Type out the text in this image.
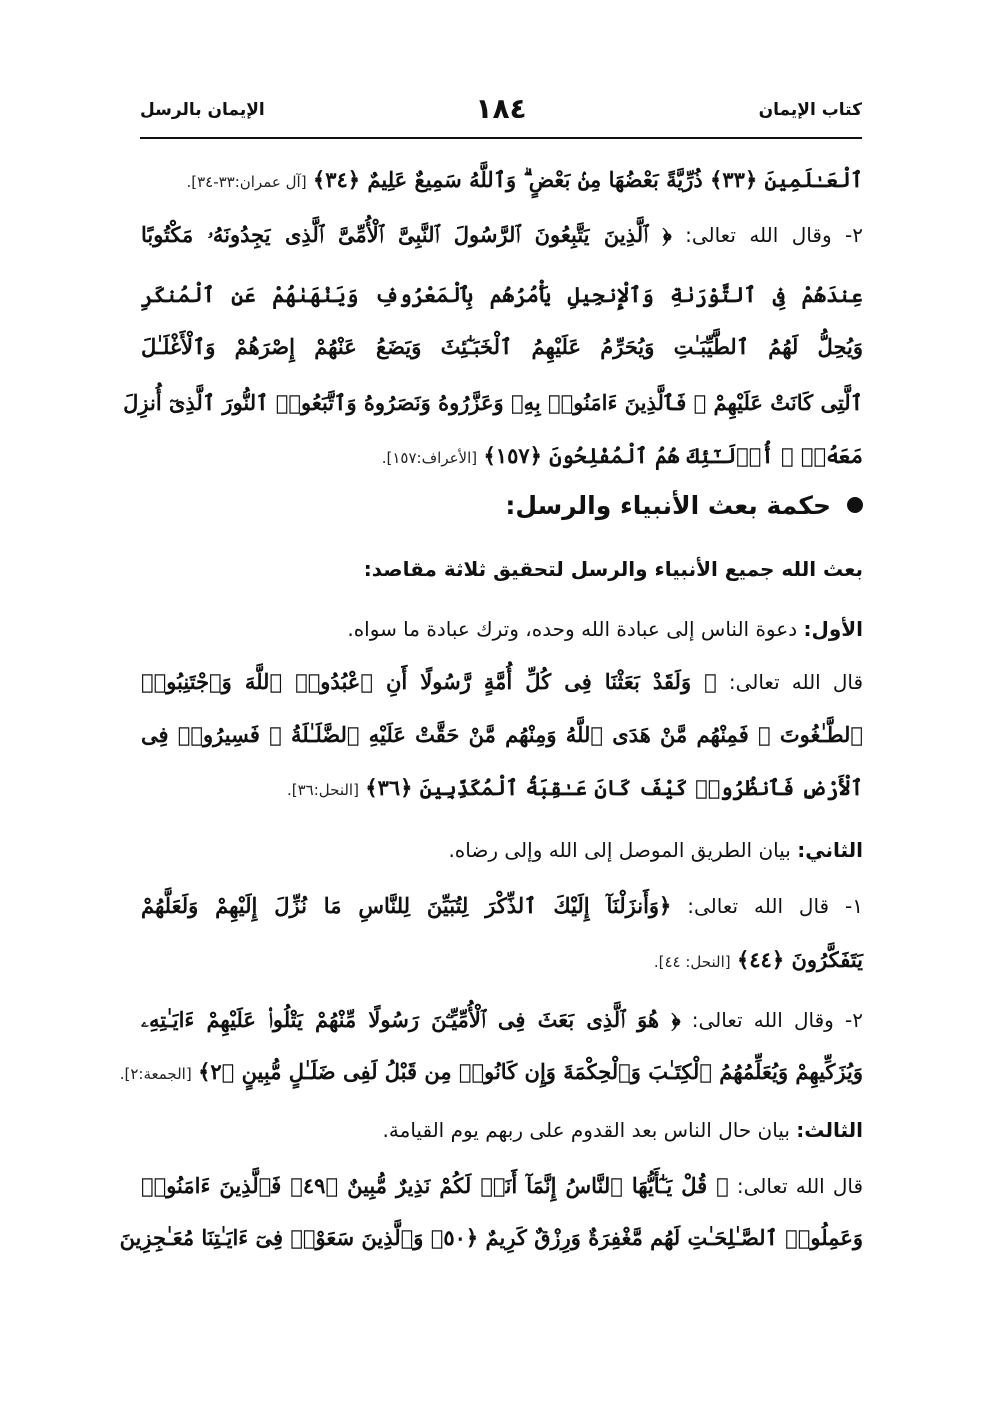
كتاب الإيمان
١٨٤
الإيمان بالرسل
ٱلْعَـٰلَمِينَ ﴿٣٣﴾ ذُرِّيَّةً بَعْضُهَا مِنۢ بَعْضٍ ۗ وَٱللَّهُ سَمِيعٌ عَلِيمٌ ﴿٣٤﴾ [آل عمران:٣٣-٣٤].
٢- وقال الله تعالى: ﴿ ٱلَّذِينَ يَتَّبِعُونَ ٱلرَّسُولَ ٱلنَّبِىَّ ٱلْأُمِّىَّ ٱلَّذِى يَجِدُونَهُۥ مَكْتُوبًا
عِندَهُمْ فِى ٱلتَّوْرَىٰةِ وَٱلْإِنجِيلِ يَأْمُرُهُم بِٱلْمَعْرُوفِ وَيَنْهَىٰهُمْ عَنِ ٱلْمُنكَرِ
وَيُحِلُّ لَهُمُ ٱلطَّيِّبَـٰتِ وَيُحَرِّمُ عَلَيْهِمُ ٱلْخَبَـٰٓئِثَ وَيَضَعُ عَنْهُمْ إِصْرَهُمْ وَٱلْأَغْلَـٰلَ
ٱلَّتِى كَانَتْ عَلَيْهِمْ ۚ فَٱلَّذِينَ ءَامَنُوا۟ بِهِۦ وَعَزَّرُوهُ وَنَصَرُوهُ وَٱتَّبَعُوا۟ ٱلنُّورَ ٱلَّذِىٓ أُنزِلَ
مَعَهُۥٓ ۙ أُو۟لَـٰٓئِكَ هُمُ ٱلْمُفْلِحُونَ ﴿١٥٧﴾ [الأعراف:١٥٧].
حكمة بعث الأنبياء والرسل:
بعث الله جميع الأنبياء والرسل لتحقيق ثلاثة مقاصد:
الأول: دعوة الناس إلى عبادة الله وحده، وترك عبادة ما سواه.
قال الله تعالى: ﴿ وَلَقَدْ بَعَثْنَا فِى كُلِّ أُمَّةٍ رَّسُولًا أَنِ ٱعْبُدُوا۟ ٱللَّهَ وَٱجْتَنِبُوا۟
ٱلطَّـٰغُوتَ ۖ فَمِنْهُم مَّنْ هَدَى ٱللَّهُ وَمِنْهُم مَّنْ حَقَّتْ عَلَيْهِ ٱلضَّلَـٰلَةُ ۚ فَسِيرُوا۟ فِى
ٱلْأَرْضِ فَٱنظُرُوا۟ كَيْفَ كَانَ عَـٰقِبَةُ ٱلْمُكَذِّبِينَ ﴿٣٦﴾ [النحل:٣٦].
الثاني: بيان الطريق الموصل إلى الله وإلى رضاه.
١- قال الله تعالى: ﴿وَأَنزَلْنَآ إِلَيْكَ ٱلذِّكْرَ لِتُبَيِّنَ لِلنَّاسِ مَا نُزِّلَ إِلَيْهِمْ وَلَعَلَّهُمْ
يَتَفَكَّرُونَ ﴿٤٤﴾ [النحل: ٤٤].
٢- وقال الله تعالى: ﴿ هُوَ ٱلَّذِى بَعَثَ فِى ٱلْأُمِّيِّـۧنَ رَسُولًا مِّنْهُمْ يَتْلُوا۟ عَلَيْهِمْ ءَايَـٰتِهِۦ
وَيُزَكِّيهِمْ وَيُعَلِّمُهُمُ ٱلْكِتَـٰبَ وَٱلْحِكْمَةَ وَإِن كَانُوا۟ مِن قَبْلُ لَفِى ضَلَـٰلٍ مُّبِينٍ ﴿٢﴾ [الجمعة:٢].
الثالث: بيان حال الناس بعد القدوم على ربهم يوم القيامة.
قال الله تعالى: ﴿ قُلْ يَـٰٓأَيُّهَا ٱلنَّاسُ إِنَّمَآ أَنَا۠ لَكُمْ نَذِيرٌ مُّبِينٌ ﴿٤٩﴾ فَٱلَّذِينَ ءَامَنُوا۟
وَعَمِلُوا۟ ٱلصَّـٰلِحَـٰتِ لَهُم مَّغْفِرَةٌ وَرِزْقٌ كَرِيمٌ ﴿٥٠﴾ وَٱلَّذِينَ سَعَوْا۟ فِىٓ ءَايَـٰتِنَا مُعَـٰجِزِينَ
